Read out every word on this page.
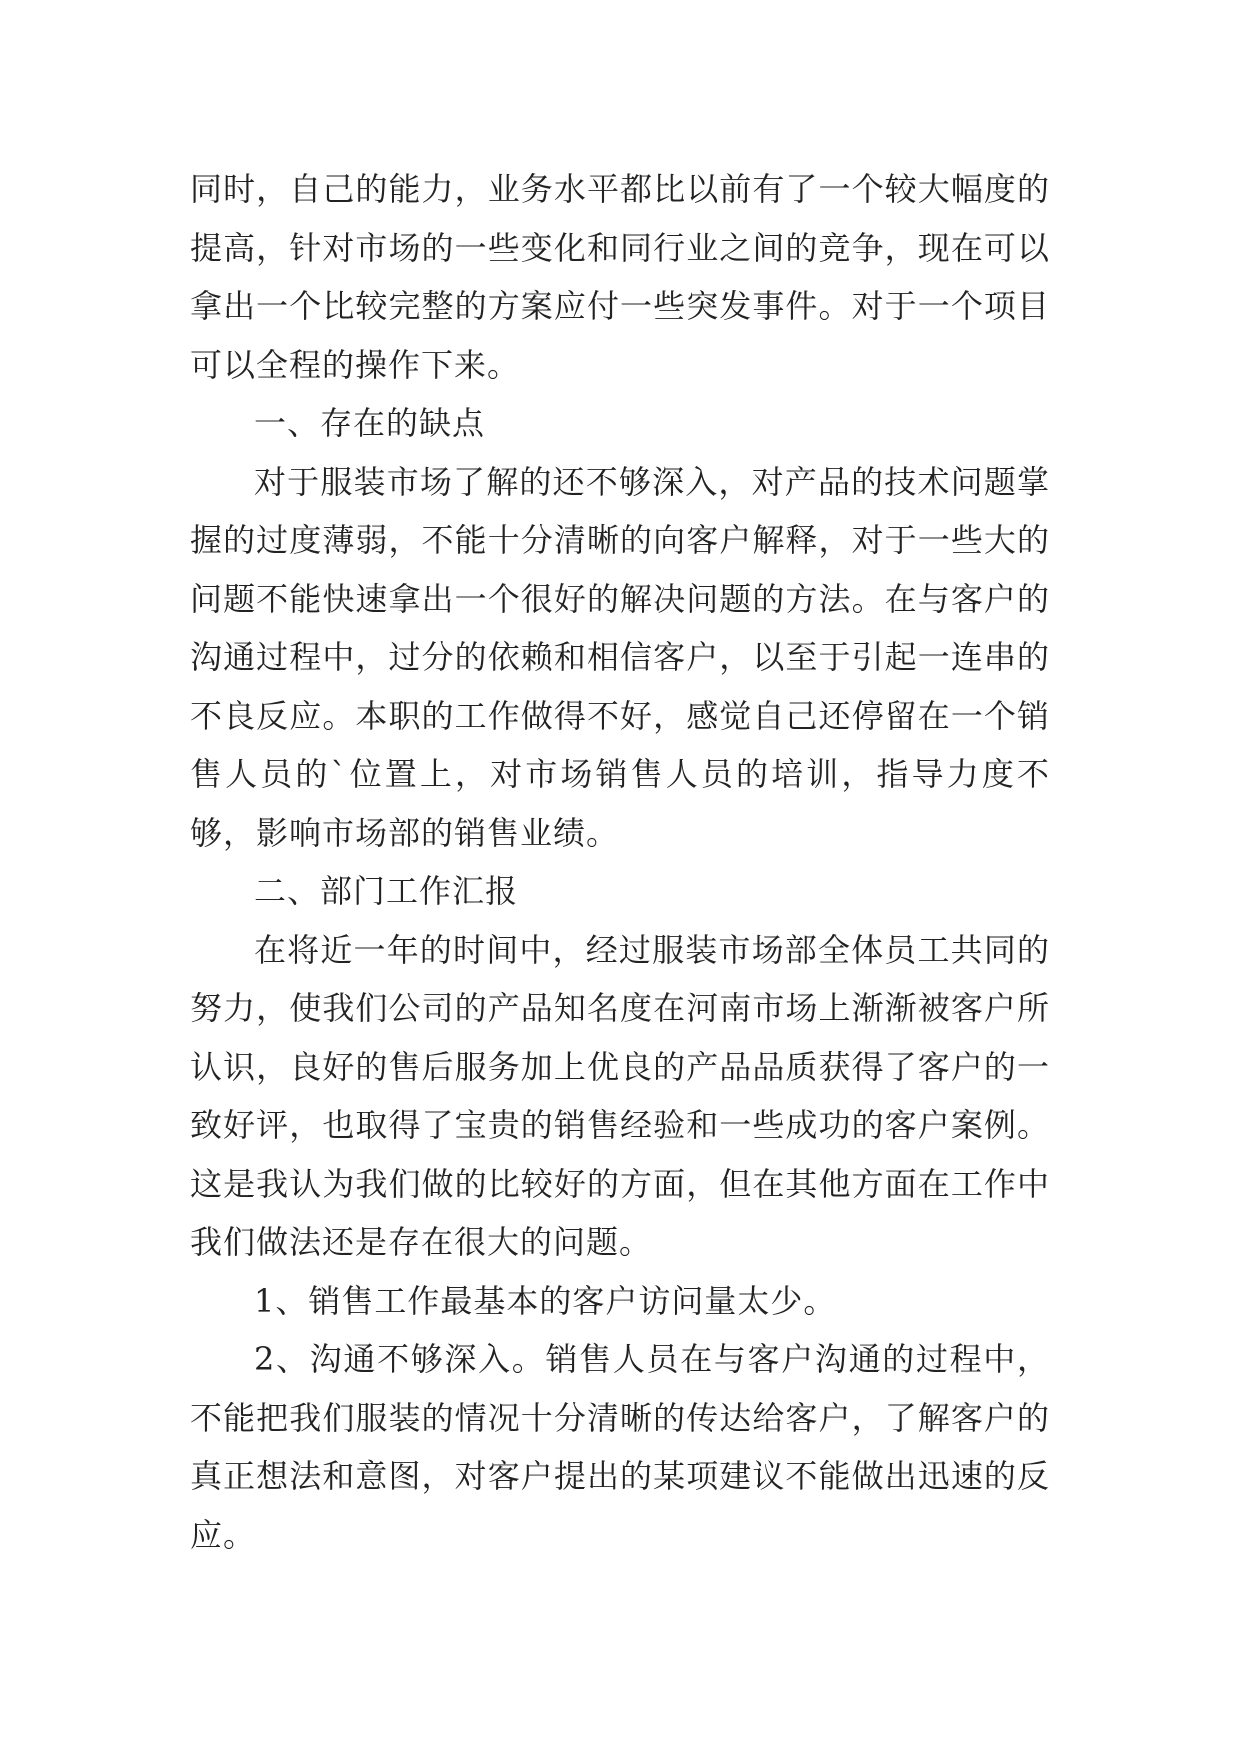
同时，自己的能力，业务水平都比以前有了一个较大幅度的提高，针对市场的一些变化和同行业之间的竞争，现在可以拿出一个比较完整的方案应付一些突发事件。对于一个项目可以全程的操作下来。

一、存在的缺点

对于服装市场了解的还不够深入，对产品的技术问题掌握的过度薄弱，不能十分清晰的向客户解释，对于一些大的问题不能快速拿出一个很好的解决问题的方法。在与客户的沟通过程中，过分的依赖和相信客户，以至于引起一连串的不良反应。本职的工作做得不好，感觉自己还停留在一个销售人员的`位置上，对市场销售人员的培训，指导力度不够，影响市场部的销售业绩。

二、部门工作汇报

在将近一年的时间中，经过服装市场部全体员工共同的努力，使我们公司的产品知名度在河南市场上渐渐被客户所认识，良好的售后服务加上优良的产品品质获得了客户的一致好评，也取得了宝贵的销售经验和一些成功的客户案例。这是我认为我们做的比较好的方面，但在其他方面在工作中我们做法还是存在很大的问题。

1、销售工作最基本的客户访问量太少。

2、沟通不够深入。销售人员在与客户沟通的过程中，不能把我们服装的情况十分清晰的传达给客户，了解客户的真正想法和意图，对客户提出的某项建议不能做出迅速的反应。
